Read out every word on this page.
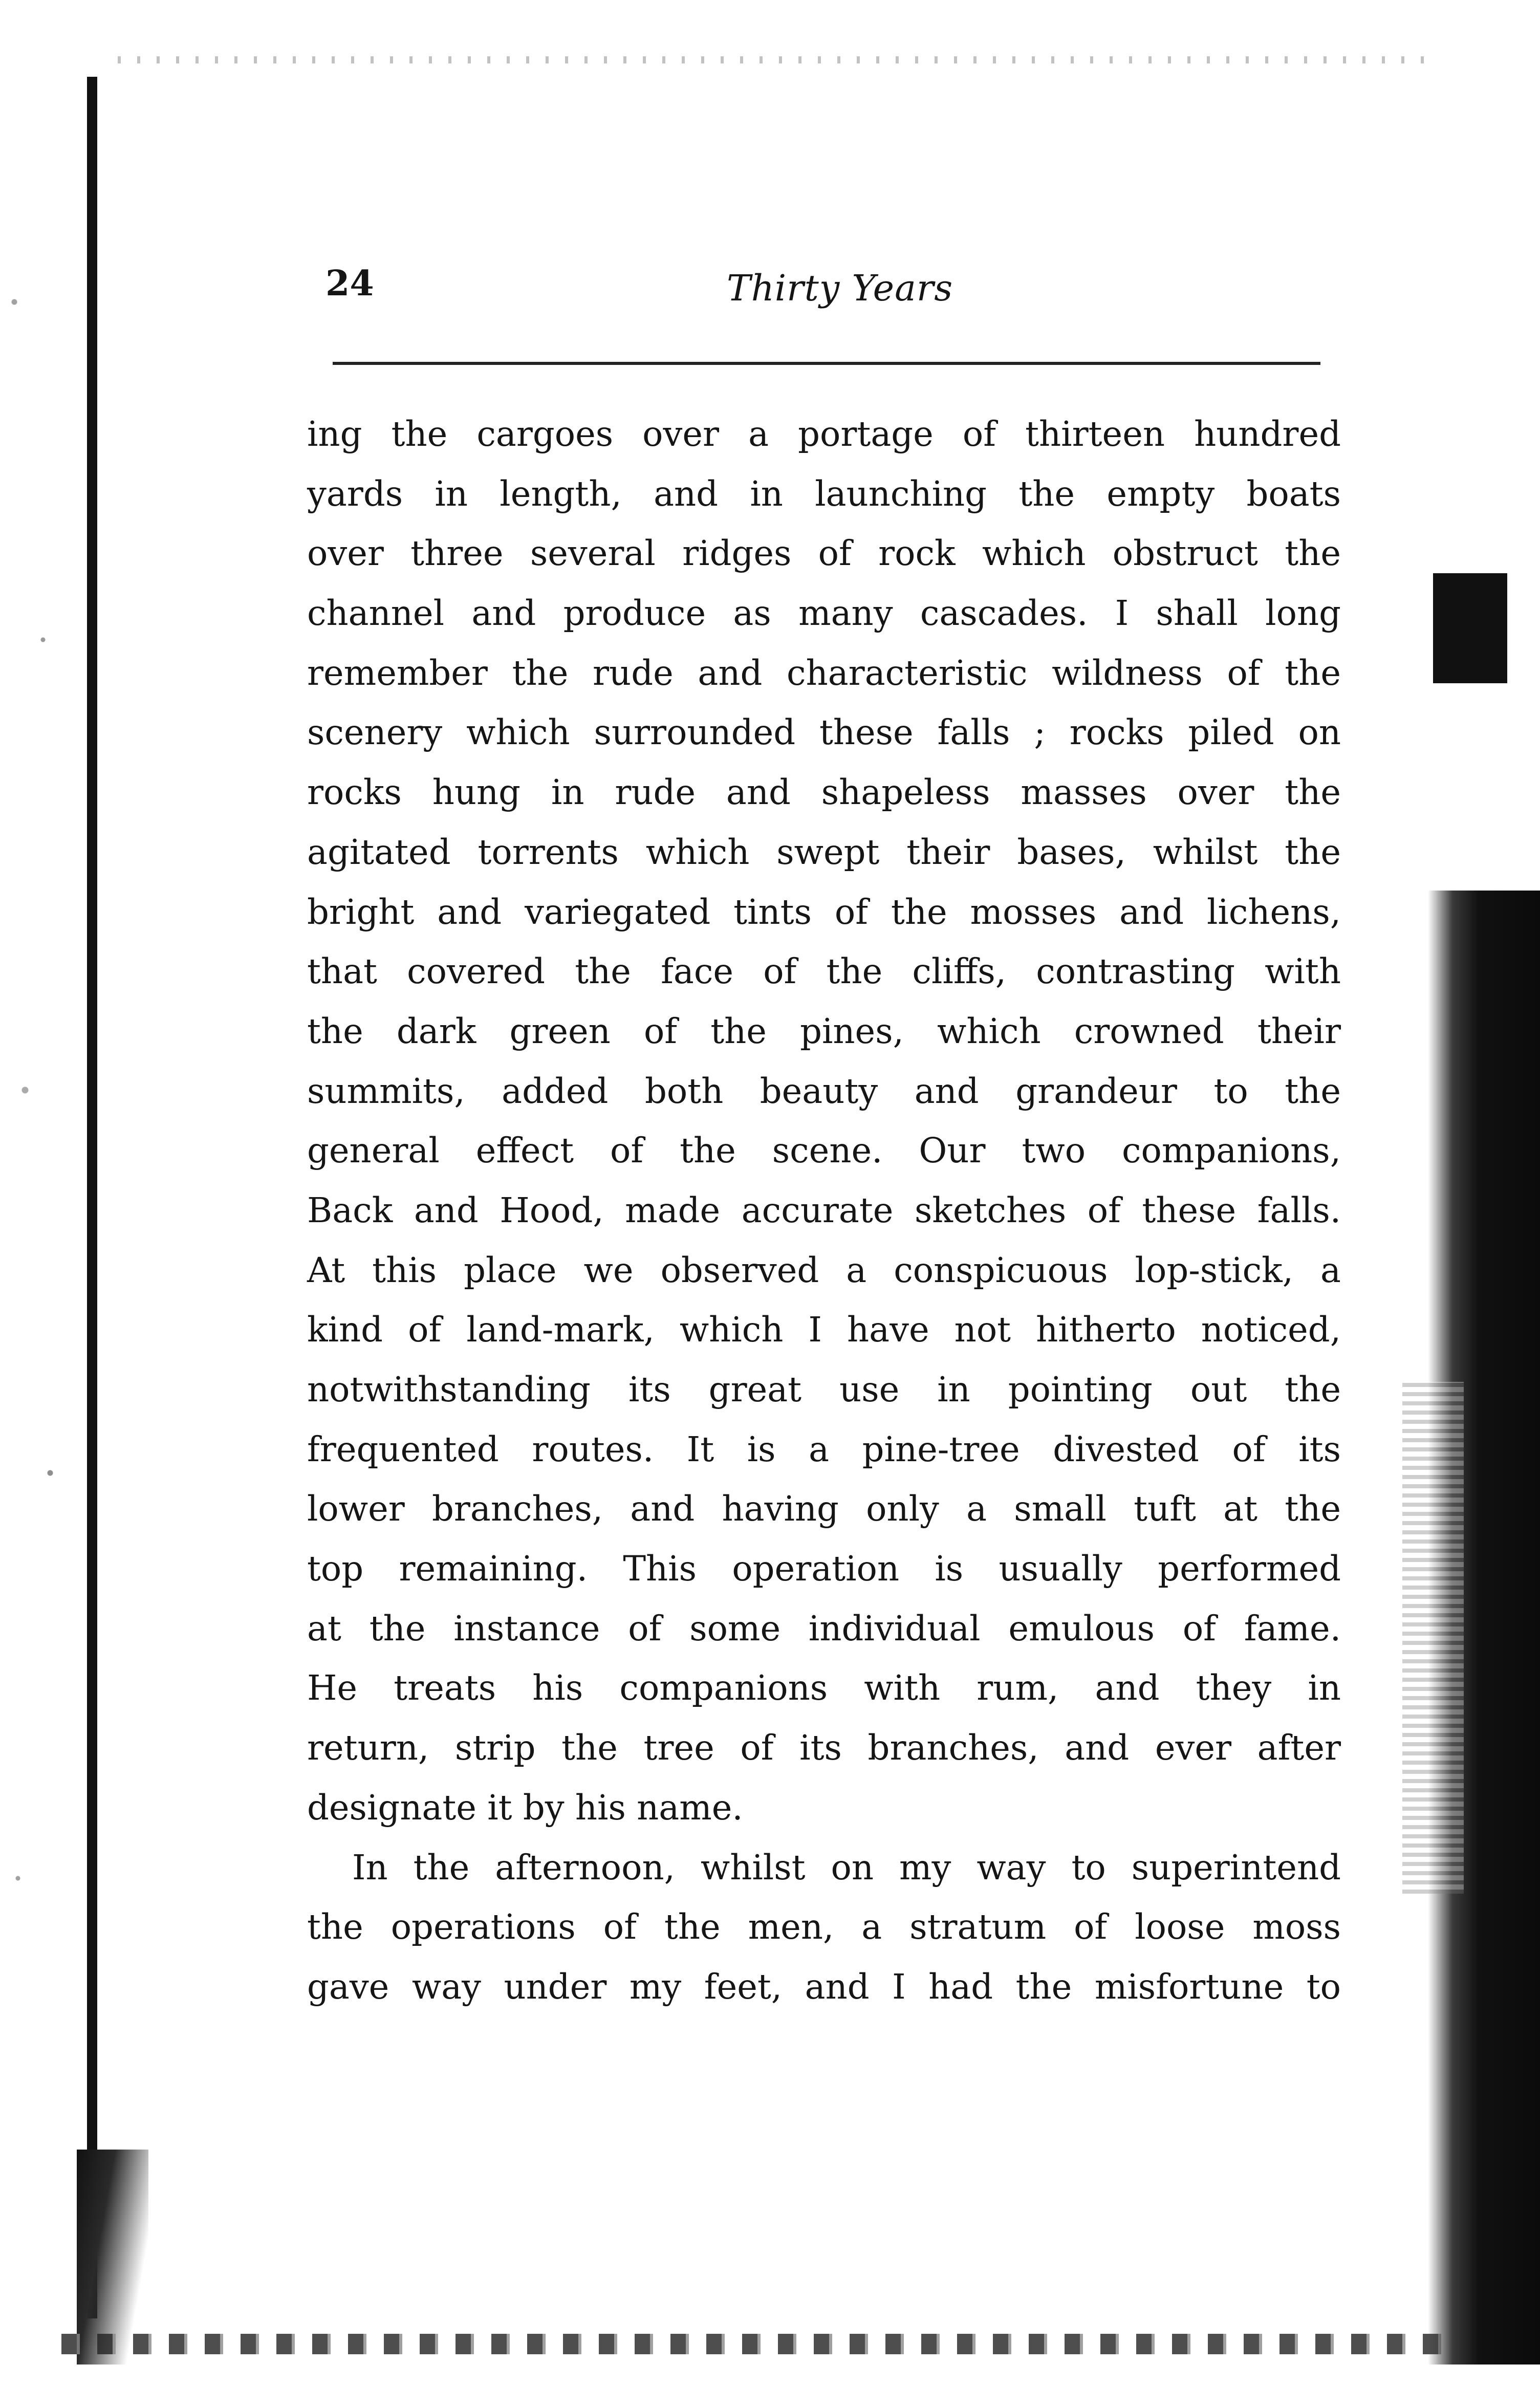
24	Thirty Years
ing the cargoes over a portage of thirteen hundred
yards in length, and in launching the empty boats
over three several ridges of rock which obstruct the
channel and produce as many cascades. I shall long
remember the rude and characteristic wildness of the
scenery which surrounded these falls ; rocks piled on
rocks hung in rude and shapeless masses over the
agitated torrents which swept their bases, whilst the
bright and variegated tints of the mosses and lichens,
that covered the face of the cliffs, contrasting with
the dark green of the pines, which crowned their
summits, added both beauty and grandeur to the
general effect of the scene. Our two companions,
Back and Hood, made accurate sketches of these falls.
At this place we observed a conspicuous lop-stick, a
kind of land-mark, which I have not hitherto noticed,
notwithstanding its great use in pointing out the
frequented routes. It is a pine-tree divested of its
lower branches, and having only a small tuft at the
top remaining. This operation is usually performed
at the instance of some individual emulous of fame.
He treats his companions with rum, and they in
return, strip the tree of its branches, and ever after
designate it by his name.
In the afternoon, whilst on my way to superintend
the operations of the men, a stratum of loose moss
gave way under my feet, and I had the misfortune to
